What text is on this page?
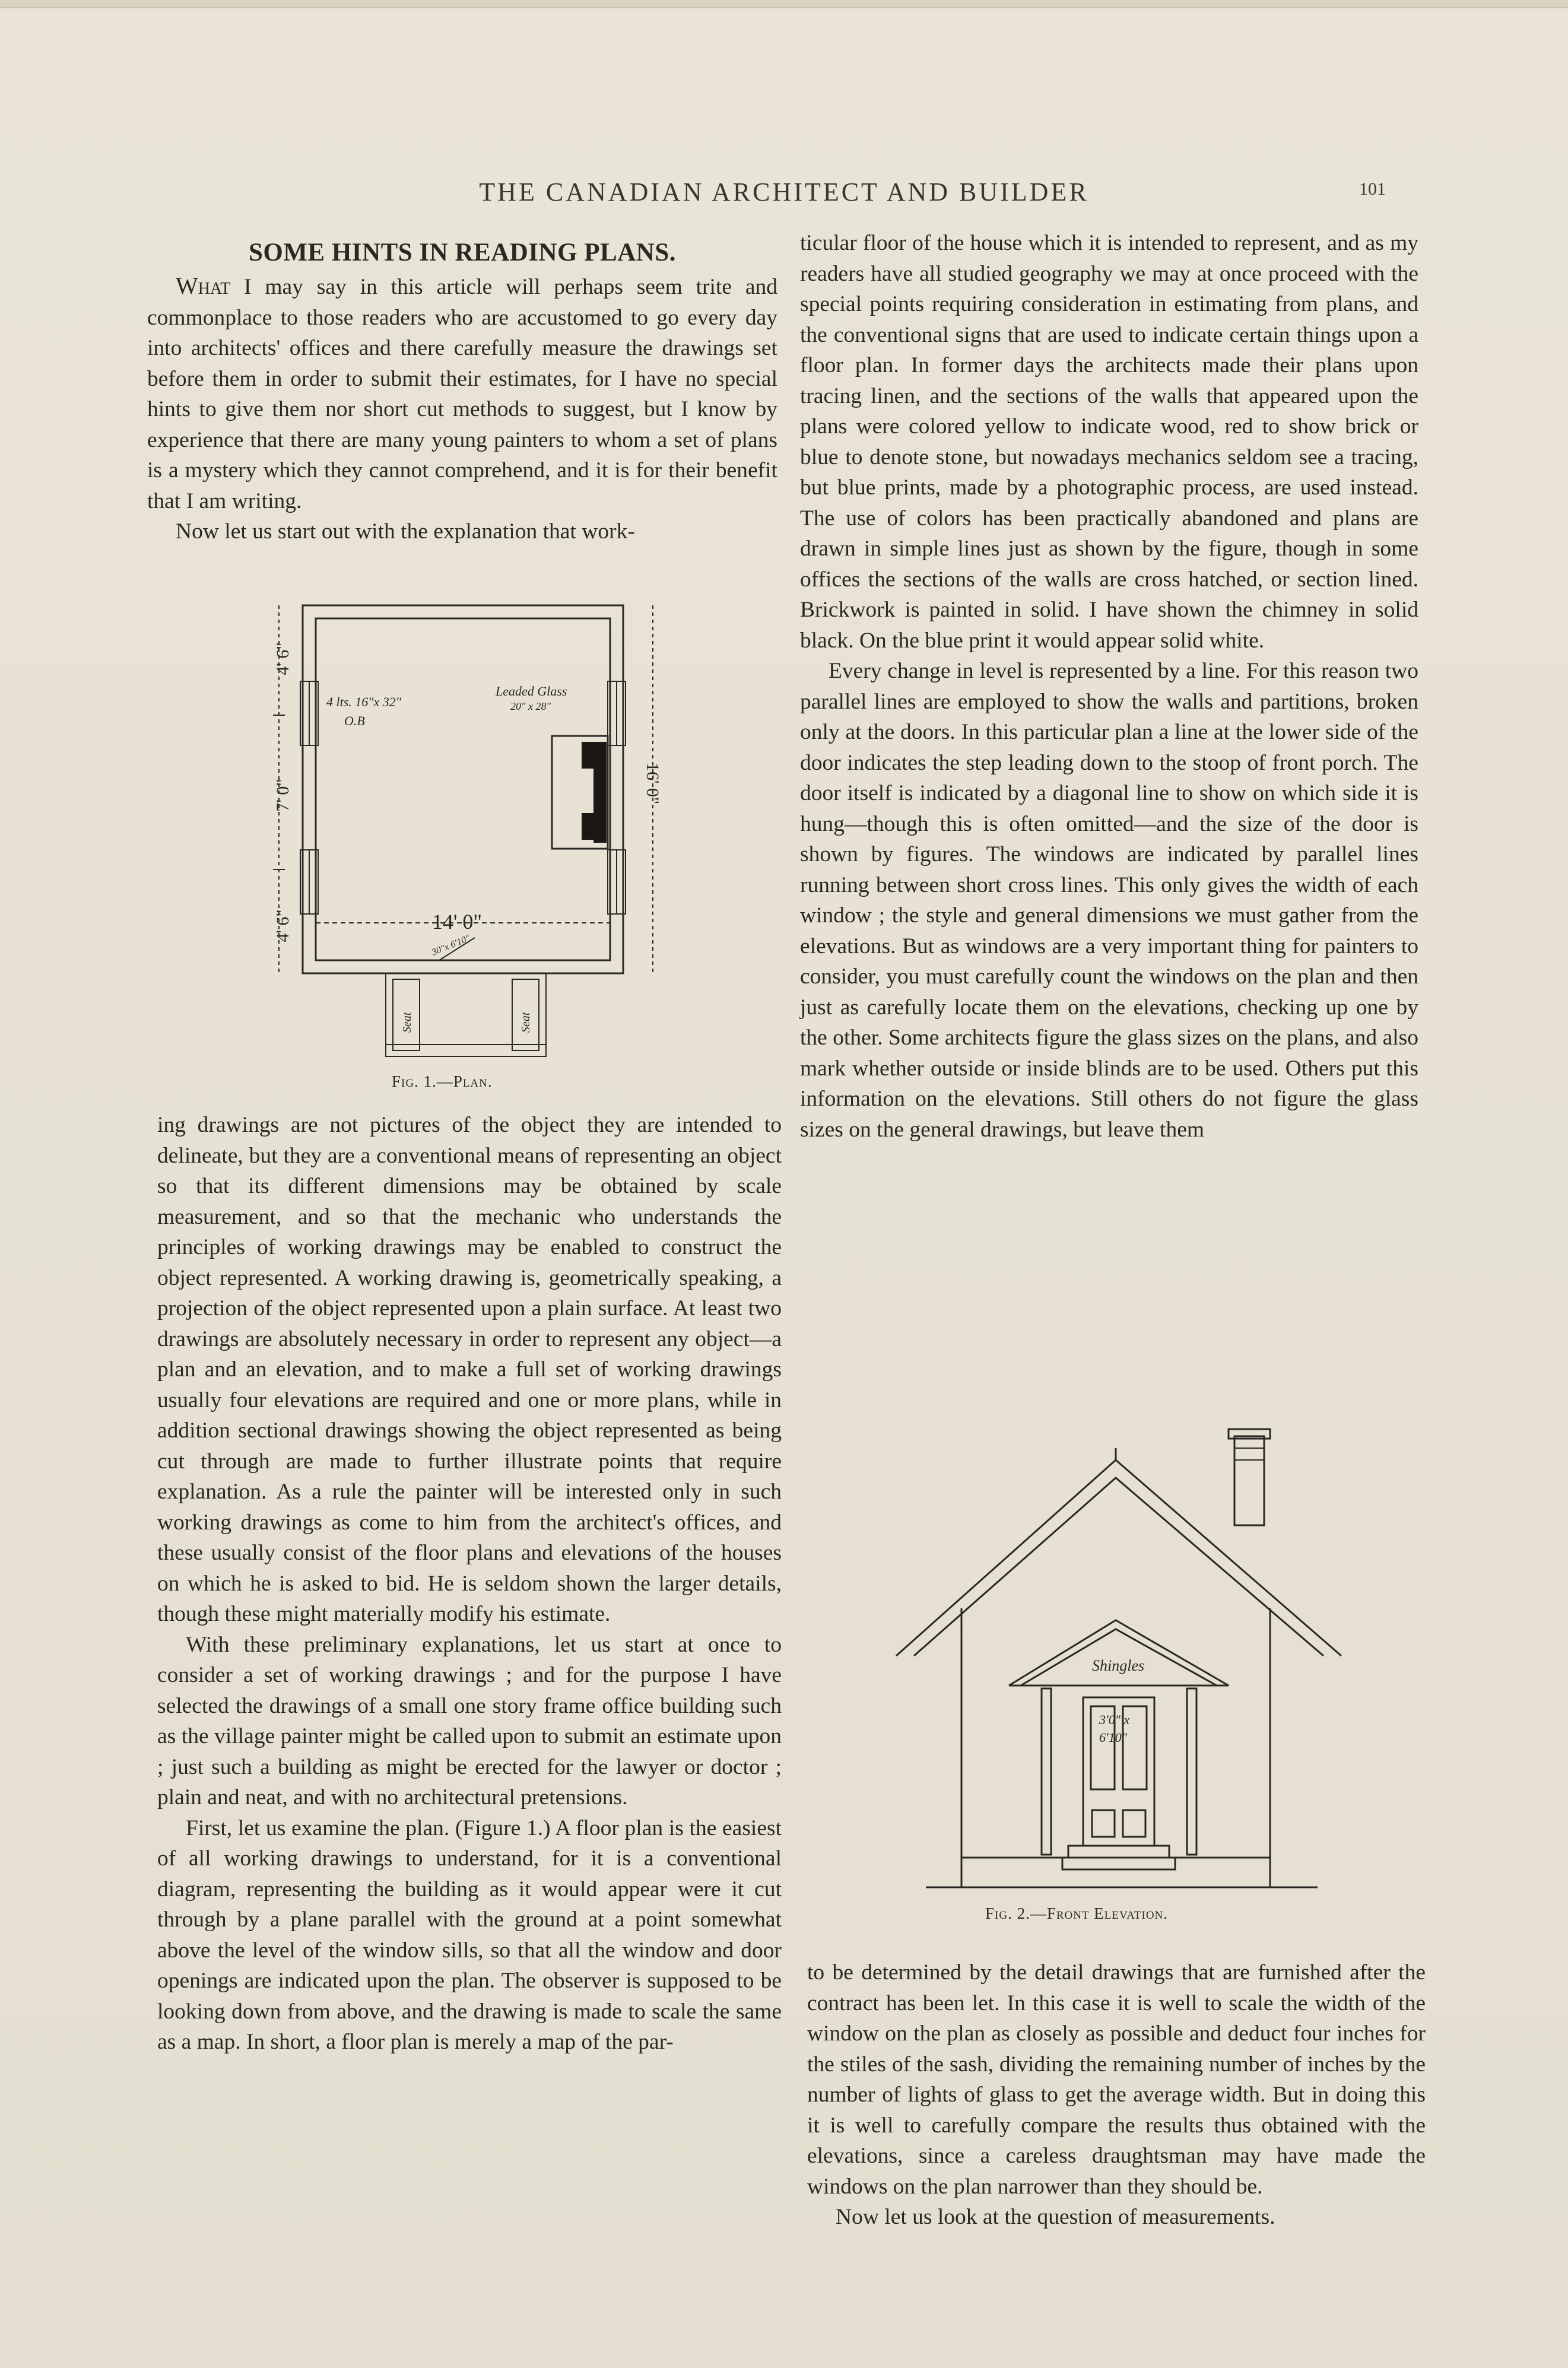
THE CANADIAN ARCHITECT AND BUILDER	101

SOME HINTS IN READING PLANS.

What I may say in this article will perhaps seem trite and commonplace to those readers who are accustomed to go every day into architects' offices and there carefully measure the drawings set before them in order to submit their estimates, for I have no special hints to give them nor short cut methods to suggest, but I know by experience that there are many young painters to whom a set of plans is a mystery which they cannot comprehend, and it is for their benefit that I am writing.

Now let us start out with the explanation that work-

4' 6"
7' 0"
4' 6"
16' 0"
14' 0"
4 lts. 16"x 32"
O.B
Leaded Glass
20" x 28"
30"x 6'10"
Seat	Seat
Fig. 1.—Plan.

ing drawings are not pictures of the object they are intended to delineate, but they are a conventional means of representing an object so that its different dimensions may be obtained by scale measurement, and so that the mechanic who understands the principles of working drawings may be enabled to construct the object represented. A working drawing is, geometrically speaking, a projection of the object represented upon a plain surface. At least two drawings are absolutely necessary in order to represent any object—a plan and an elevation, and to make a full set of working drawings usually four elevations are required and one or more plans, while in addition sectional drawings showing the object represented as being cut through are made to further illustrate points that require explanation. As a rule the painter will be interested only in such working drawings as come to him from the architect's offices, and these usually consist of the floor plans and elevations of the houses on which he is asked to bid. He is seldom shown the larger details, though these might materially modify his estimate.

With these preliminary explanations, let us start at once to consider a set of working drawings ; and for the purpose I have selected the drawings of a small one story frame office building such as the village painter might be called upon to submit an estimate upon ; just such a building as might be erected for the lawyer or doctor ; plain and neat, and with no architectural pretensions.

First, let us examine the plan. (Figure 1.) A floor plan is the easiest of all working drawings to understand, for it is a conventional diagram, representing the building as it would appear were it cut through by a plane parallel with the ground at a point somewhat above the level of the window sills, so that all the window and door openings are indicated upon the plan. The observer is supposed to be looking down from above, and the drawing is made to scale the same as a map. In short, a floor plan is merely a map of the par-

ticular floor of the house which it is intended to represent, and as my readers have all studied geography we may at once proceed with the special points requiring consideration in estimating from plans, and the conventional signs that are used to indicate certain things upon a floor plan. In former days the architects made their plans upon tracing linen, and the sections of the walls that appeared upon the plans were colored yellow to indicate wood, red to show brick or blue to denote stone, but nowadays mechanics seldom see a tracing, but blue prints, made by a photographic process, are used instead. The use of colors has been practically abandoned and plans are drawn in simple lines just as shown by the figure, though in some offices the sections of the walls are cross hatched, or section lined. Brickwork is painted in solid. I have shown the chimney in solid black. On the blue print it would appear solid white.

Every change in level is represented by a line. For this reason two parallel lines are employed to show the walls and partitions, broken only at the doors. In this particular plan a line at the lower side of the door indicates the step leading down to the stoop of front porch. The door itself is indicated by a diagonal line to show on which side it is hung—though this is often omitted—and the size of the door is shown by figures. The windows are indicated by parallel lines running between short cross lines. This only gives the width of each window ; the style and general dimensions we must gather from the elevations. But as windows are a very important thing for painters to consider, you must carefully count the windows on the plan and then just as carefully locate them on the elevations, checking up one by the other. Some architects figure the glass sizes on the plans, and also mark whether outside or inside blinds are to be used. Others put this information on the elevations. Still others do not figure the glass sizes on the general drawings, but leave them

Shingles
3'0" x
6'10"
Fig. 2.—Front Elevation.

to be determined by the detail drawings that are furnished after the contract has been let. In this case it is well to scale the width of the window on the plan as closely as possible and deduct four inches for the stiles of the sash, dividing the remaining number of inches by the number of lights of glass to get the average width. But in doing this it is well to carefully compare the results thus obtained with the elevations, since a careless draughtsman may have made the windows on the plan narrower than they should be.

Now let us look at the question of measurements.
